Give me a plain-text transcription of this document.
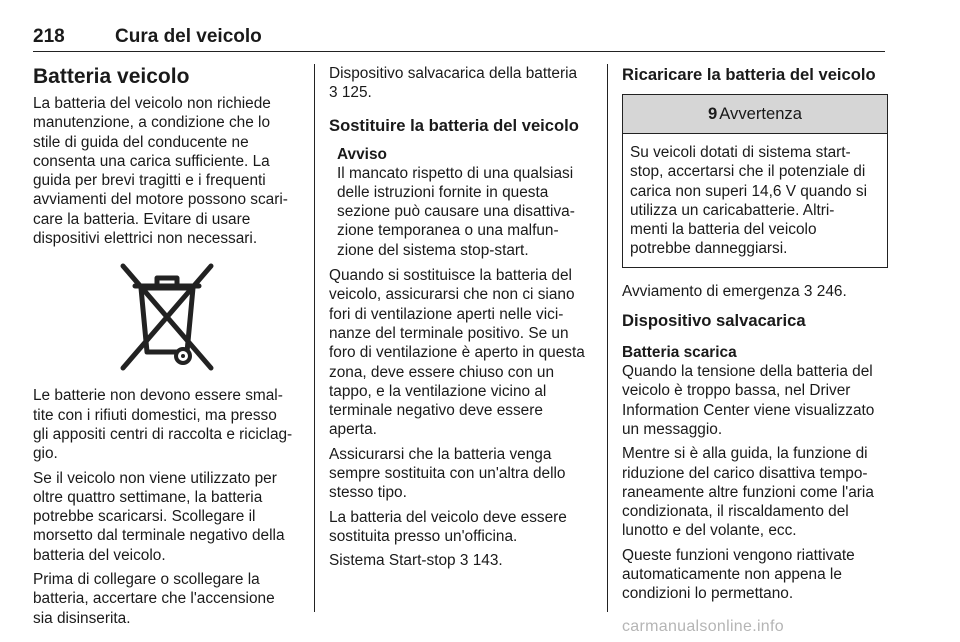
218	Cura del veicolo
Batteria veicolo

La batteria del veicolo non richiede
manutenzione, a condizione che lo
stile di guida del conducente ne
consenta una carica sufficiente. La
guida per brevi tragitti e i frequenti
avviamenti del motore possono scari-
care la batteria. Evitare di usare
dispositivi elettrici non necessari.

Le batterie non devono essere smal-
tite con i rifiuti domestici, ma presso
gli appositi centri di raccolta e riciclag-
gio.

Se il veicolo non viene utilizzato per
oltre quattro settimane, la batteria
potrebbe scaricarsi. Scollegare il
morsetto dal terminale negativo della
batteria del veicolo.

Prima di collegare o scollegare la
batteria, accertare che l'accensione
sia disinserita.

Dispositivo salvacarica della batteria
3 125.

Sostituire la batteria del veicolo
Avviso

Il mancato rispetto di una qualsiasi
delle istruzioni fornite in questa
sezione può causare una disattiva-
zione temporanea o una malfun-
zione del sistema stop-start.

Quando si sostituisce la batteria del
veicolo, assicurarsi che non ci siano
fori di ventilazione aperti nelle vici-
nanze del terminale positivo. Se un
foro di ventilazione è aperto in questa
zona, deve essere chiuso con un
tappo, e la ventilazione vicino al
terminale negativo deve essere
aperta.

Assicurarsi che la batteria venga
sempre sostituita con un'altra dello
stesso tipo.

La batteria del veicolo deve essere
sostituita presso un'officina.

Sistema Start-stop 3 143.

Ricaricare la batteria del veicolo
9 Avvertenza
Su veicoli dotati di sistema start-
stop, accertarsi che il potenziale di
carica non superi 14,6 V quando si
utilizza un caricabatterie. Altri-
menti la batteria del veicolo
potrebbe danneggiarsi.

Avviamento di emergenza 3 246.

Dispositivo salvacarica
Batteria scarica

Quando la tensione della batteria del
veicolo è troppo bassa, nel Driver
Information Center viene visualizzato
un messaggio.

Mentre si è alla guida, la funzione di
riduzione del carico disattiva tempo-
raneamente altre funzioni come l'aria
condizionata, il riscaldamento del
lunotto e del volante, ecc.

Queste funzioni vengono riattivate
automaticamente non appena le
condizioni lo permettano.

carmanualsonline.info
